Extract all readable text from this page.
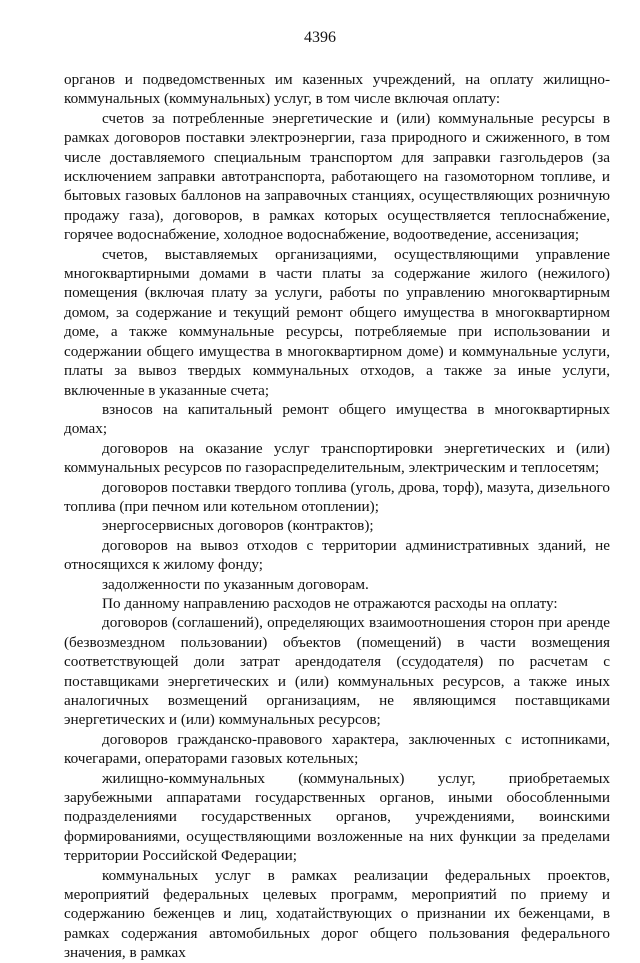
4396

органов и подведомственных им казенных учреждений, на оплату жилищно-коммунальных (коммунальных) услуг, в том числе включая оплату:

счетов за потребленные энергетические и (или) коммунальные ресурсы в рамках договоров поставки электроэнергии, газа природного и сжиженного, в том числе доставляемого специальным транспортом для заправки газгольдеров (за исключением заправки автотранспорта, работающего на газомоторном топливе, и бытовых газовых баллонов на заправочных станциях, осуществляющих розничную продажу газа), договоров, в рамках которых осуществляется теплоснабжение, горячее водоснабжение, холодное водоснабжение, водоотведение, ассенизация;

счетов, выставляемых организациями, осуществляющими управление многоквартирными домами в части платы за содержание жилого (нежилого) помещения (включая плату за услуги, работы по управлению многоквартирным домом, за содержание и текущий ремонт общего имущества в многоквартирном доме, а также коммунальные ресурсы, потребляемые при использовании и содержании общего имущества в многоквартирном доме) и коммунальные услуги, платы за вывоз твердых коммунальных отходов, а также за иные услуги, включенные в указанные счета;

взносов на капитальный ремонт общего имущества в многоквартирных домах;

договоров на оказание услуг транспортировки энергетических и (или) коммунальных ресурсов по газораспределительным, электрическим и теплосетям;

договоров поставки твердого топлива (уголь, дрова, торф), мазута, дизельного топлива (при печном или котельном отоплении);

энергосервисных договоров (контрактов);

договоров на вывоз отходов с территории административных зданий, не относящихся к жилому фонду;

задолженности по указанным договорам.

По данному направлению расходов не отражаются расходы на оплату:

договоров (соглашений), определяющих взаимоотношения сторон при аренде (безвозмездном пользовании) объектов (помещений) в части возмещения соответствующей доли затрат арендодателя (ссудодателя) по расчетам с поставщиками энергетических и (или) коммунальных ресурсов, а также иных аналогичных возмещений организациям, не являющимся поставщиками энергетических и (или) коммунальных ресурсов;

договоров гражданско-правового характера, заключенных с истопниками, кочегарами, операторами газовых котельных;

жилищно-коммунальных (коммунальных) услуг, приобретаемых зарубежными аппаратами государственных органов, иными обособленными подразделениями государственных органов, учреждениями, воинскими формированиями, осуществляющими возложенные на них функции за пределами территории Российской Федерации;

коммунальных услуг в рамках реализации федеральных проектов, мероприятий федеральных целевых программ, мероприятий по приему и содержанию беженцев и лиц, ходатайствующих о признании их беженцами, в рамках содержания автомобильных дорог общего пользования федерального значения, в рамках
